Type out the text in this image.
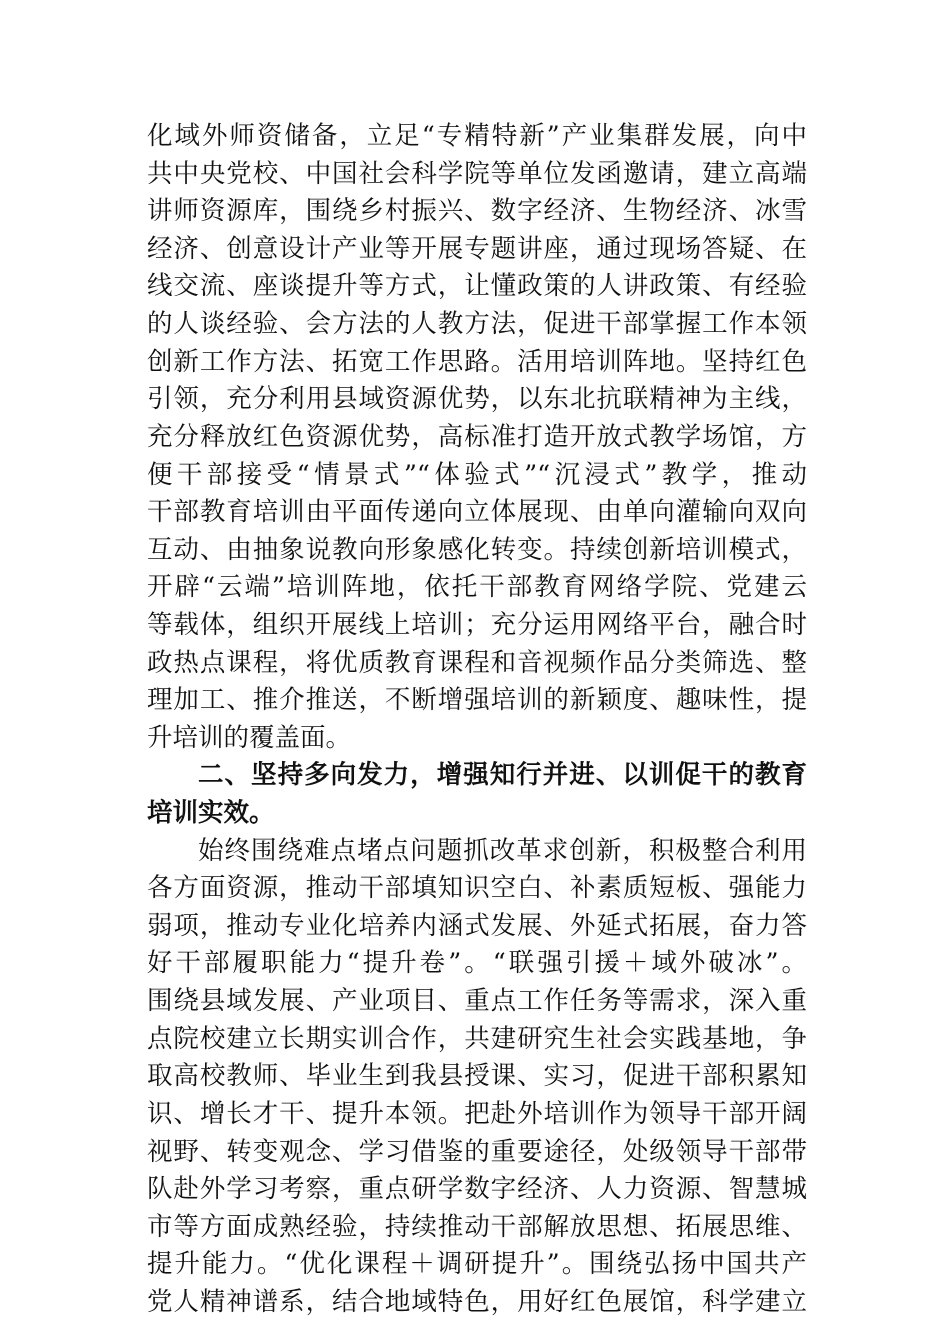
化域外师资储备，立足“专精特新”产业集群发展，向中
共中央党校、中国社会科学院等单位发函邀请，建立高端
讲师资源库，围绕乡村振兴、数字经济、生物经济、冰雪
经济、创意设计产业等开展专题讲座，通过现场答疑、在
线交流、座谈提升等方式，让懂政策的人讲政策、有经验
的人谈经验、会方法的人教方法，促进干部掌握工作本领
创新工作方法、拓宽工作思路。活用培训阵地。坚持红色
引领，充分利用县域资源优势，以东北抗联精神为主线，
充分释放红色资源优势，高标准打造开放式教学场馆，方
便干部接受“情景式”“体验式”“沉浸式”教学，推动
干部教育培训由平面传递向立体展现、由单向灌输向双向
互动、由抽象说教向形象感化转变。持续创新培训模式，
开辟“云端”培训阵地，依托干部教育网络学院、党建云
等载体，组织开展线上培训；充分运用网络平台，融合时
政热点课程，将优质教育课程和音视频作品分类筛选、整
理加工、推介推送，不断增强培训的新颖度、趣味性，提
升培训的覆盖面。
二、坚持多向发力，增强知行并进、以训促干的教育
培训实效。
始终围绕难点堵点问题抓改革求创新，积极整合利用
各方面资源，推动干部填知识空白、补素质短板、强能力
弱项，推动专业化培养内涵式发展、外延式拓展，奋力答
好干部履职能力“提升卷”。“联强引援＋域外破冰”。
围绕县域发展、产业项目、重点工作任务等需求，深入重
点院校建立长期实训合作，共建研究生社会实践基地，争
取高校教师、毕业生到我县授课、实习，促进干部积累知
识、增长才干、提升本领。把赴外培训作为领导干部开阔
视野、转变观念、学习借鉴的重要途径，处级领导干部带
队赴外学习考察，重点研学数字经济、人力资源、智慧城
市等方面成熟经验，持续推动干部解放思想、拓展思维、
提升能力。“优化课程＋调研提升”。围绕弘扬中国共产
党人精神谱系，结合地域特色，用好红色展馆，科学建立
